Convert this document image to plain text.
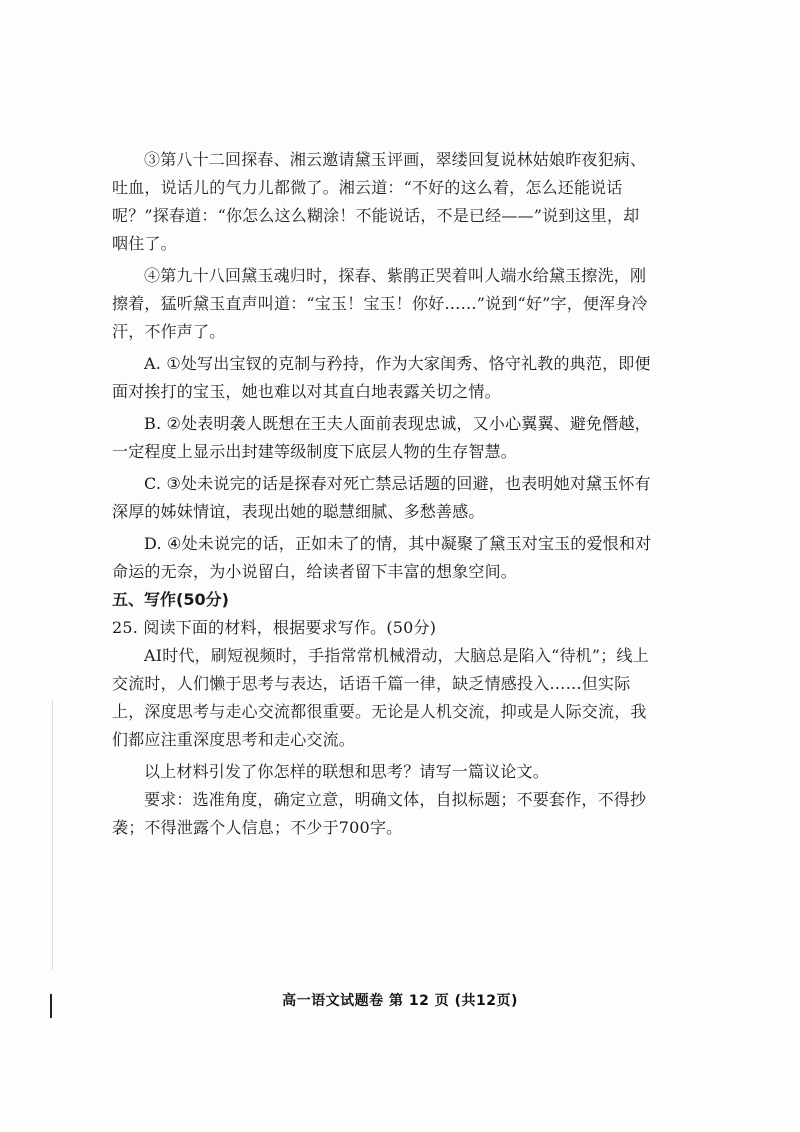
③第八十二回探春、湘云邀请黛玉评画，翠缕回复说林姑娘昨夜犯病、吐血，说话儿的气力儿都微了。湘云道：“不好的这么着，怎么还能说话呢？”探春道：“你怎么这么糊涂！不能说话，不是已经——”说到这里，却咽住了。

④第九十八回黛玉魂归时，探春、紫鹃正哭着叫人端水给黛玉擦洗，刚擦着，猛听黛玉直声叫道：“宝玉！宝玉！你好……”说到“好”字，便浑身冷汗，不作声了。

A. ①处写出宝钗的克制与矜持，作为大家闺秀、恪守礼教的典范，即便面对挨打的宝玉，她也难以对其直白地表露关切之情。

B. ②处表明袭人既想在王夫人面前表现忠诚，又小心翼翼、避免僭越，一定程度上显示出封建等级制度下底层人物的生存智慧。

C. ③处未说完的话是探春对死亡禁忌话题的回避，也表明她对黛玉怀有深厚的姊妹情谊，表现出她的聪慧细腻、多愁善感。

D. ④处未说完的话，正如未了的情，其中凝聚了黛玉对宝玉的爱恨和对命运的无奈，为小说留白，给读者留下丰富的想象空间。

五、写作(50分)

25. 阅读下面的材料，根据要求写作。(50分)

AI时代，刷短视频时，手指常常机械滑动，大脑总是陷入“待机”；线上交流时，人们懒于思考与表达，话语千篇一律，缺乏情感投入……但实际上，深度思考与走心交流都很重要。无论是人机交流，抑或是人际交流，我们都应注重深度思考和走心交流。

以上材料引发了你怎样的联想和思考？请写一篇议论文。

要求：选准角度，确定立意，明确文体，自拟标题；不要套作，不得抄袭；不得泄露个人信息；不少于700字。

高一语文试题卷 第 12 页 (共12页)
